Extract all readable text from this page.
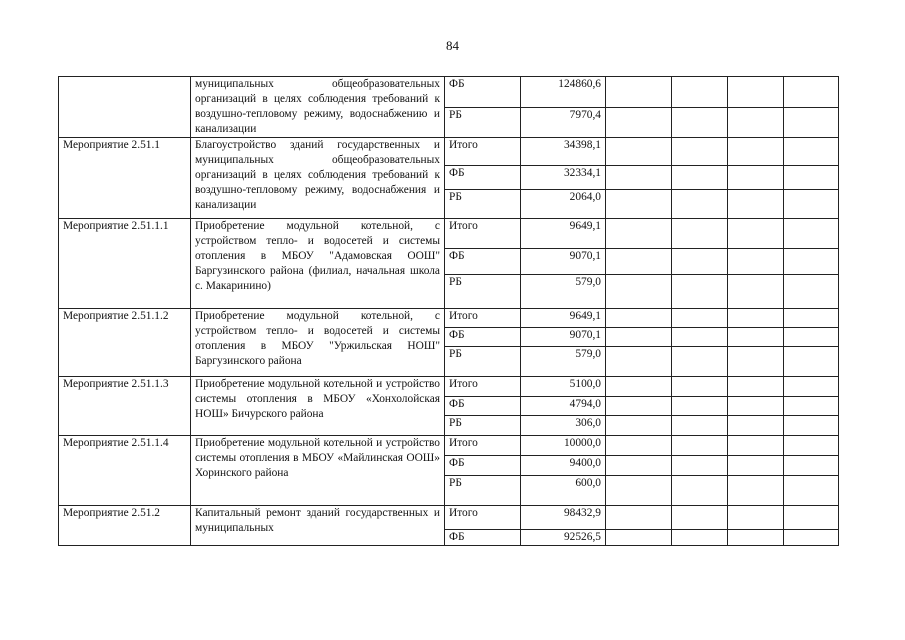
84
	муниципальных общеобразовательных организаций в целях соблюдения требований к воздушно-тепловому режиму, водоснабжению и канализации	ФБ	124860,6				
		РБ	7970,4				
Мероприятие 2.51.1	Благоустройство зданий государственных и муниципальных общеобразовательных организаций в целях соблюдения требований к воздушно-тепловому режиму, водоснабжения и канализации	Итого	34398,1				
		ФБ	32334,1				
		РБ	2064,0				
Мероприятие 2.51.1.1	Приобретение модульной котельной, с устройством тепло- и водосетей и системы отопления в МБОУ "Адамовская ООШ" Баргузинского района (филиал, начальная школа с. Макаринино)	Итого	9649,1				
		ФБ	9070,1				
		РБ	579,0				
Мероприятие 2.51.1.2	Приобретение модульной котельной, с устройством тепло- и водосетей и системы отопления в МБОУ "Уржильская НОШ" Баргузинского района	Итого	9649,1				
		ФБ	9070,1				
		РБ	579,0				
Мероприятие 2.51.1.3	Приобретение модульной котельной и устройство системы отопления в МБОУ «Хонхолойская НОШ» Бичурского района	Итого	5100,0				
		ФБ	4794,0				
		РБ	306,0				
Мероприятие 2.51.1.4	Приобретение модульной котельной и устройство системы отопления в МБОУ «Майлинская ООШ» Хоринского района	Итого	10000,0				
		ФБ	9400,0				
		РБ	600,0				
Мероприятие 2.51.2	Капитальный ремонт зданий государственных и муниципальных	Итого	98432,9				
		ФБ	92526,5				
